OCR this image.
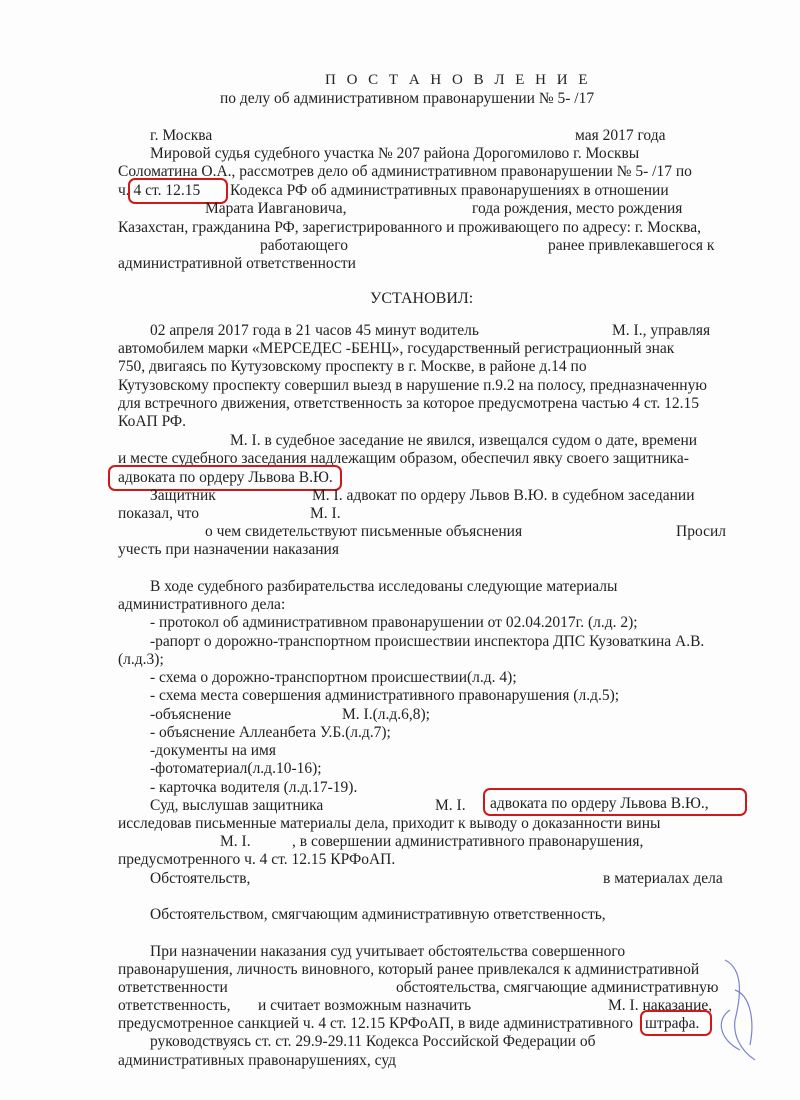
П О С Т А Н О В Л Е Н И Е
по делу об административном правонарушении № 5- /17
г. Москва	мая 2017 года
Мировой судья судебного участка № 207 района Дорогомилово г. Москвы
Соломатина О.А., рассмотрев дело об административном правонарушении № 5- /17 по
ч. 4 ст. 12.15 Кодекса РФ об административных правонарушениях в отношении
Марата Иавгановича,	года рождения, место рождения
Казахстан, гражданина РФ, зарегистрированного и проживающего по адресу: г. Москва,
работающего	ранее привлекавшегося к
административной ответственности
УСТАНОВИЛ:
02 апреля 2017 года в 21 часов 45 минут водитель	М. I., управляя
автомобилем марки «МЕРСЕДЕС -БЕНЦ», государственный регистрационный знак
750, двигаясь по Кутузовскому проспекту в г. Москве, в районе д.14 по
Кутузовскому проспекту совершил выезд в нарушение п.9.2 на полосу, предназначенную
для встречного движения, ответственность за которое предусмотрена частью 4 ст. 12.15
КоАП РФ.
М. I. в судебное заседание не явился, извещался судом о дате, времени
и месте судебного заседания надлежащим образом, обеспечил явку своего защитника-
адвоката по ордеру Львова В.Ю.
Защитник	М. I. адвокат по ордеру Львов В.Ю. в судебном заседании
показал, что	М. I.
о чем свидетельствуют письменные объяснения	Просил
учесть при назначении наказания
В ходе судебного разбирательства исследованы следующие материалы
административного дела:
- протокол об административном правонарушении от 02.04.2017г. (л.д. 2);
-рапорт о дорожно-транспортном происшествии инспектора ДПС Кузоваткина А.В.
(л.д.3);
- схема о дорожно-транспортном происшествии(л.д. 4);
- схема места совершения административного правонарушения (л.д.5);
-объяснение	М. I.(л.д.6,8);
- объяснение Аллеанбета У.Б.(л.д.7);
-документы на имя
-фотоматериал(л.д.10-16);
- карточка водителя (л.д.17-19).
Суд, выслушав защитника	М. I. адвоката по ордеру Львова В.Ю.,
исследовав письменные материалы дела, приходит к выводу о доказанности вины
М. I.	, в совершении административного правонарушения,
предусмотренного ч. 4 ст. 12.15 КРФоАП.
Обстоятельств,	в материалах дела
Обстоятельством, смягчающим административную ответственность,
При назначении наказания суд учитывает обстоятельства совершенного
правонарушения, личность виновного, который ранее привлекался к административной
ответственности	обстоятельства, смягчающие административную
ответственность, и считает возможным назначить	М. I. наказание,
предусмотренное санкцией ч. 4 ст. 12.15 КРФоАП, в виде административного штрафа.
руководствуясь ст. ст. 29.9-29.11 Кодекса Российской Федерации об
административных правонарушениях, суд
